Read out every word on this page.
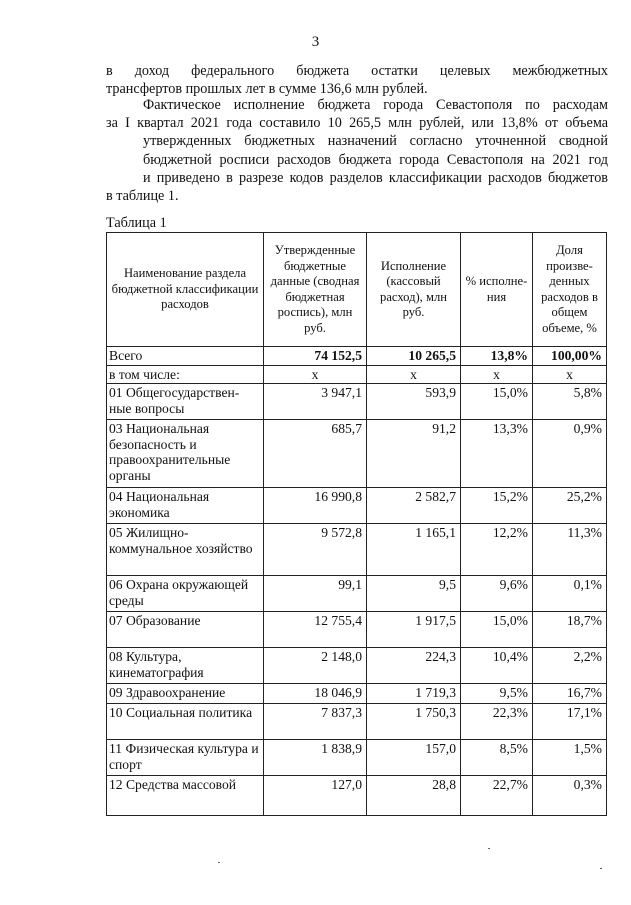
3
в доход федерального бюджета остатки целевых межбюджетных
трансфертов прошлых лет в сумме 136,6 млн рублей.
Фактическое исполнение бюджета города Севастополя по расходам
за I квартал 2021 года составило 10 265,5 млн рублей, или 13,8% от объема
утвержденных бюджетных назначений согласно уточненной сводной
бюджетной росписи расходов бюджета города Севастополя на 2021 год
и приведено в разрезе кодов разделов классификации расходов бюджетов
в таблице 1.
Таблица 1
Наименование раздела бюджетной классификации расходов	Утвержденные бюджетные данные (сводная бюджетная роспись), млн руб.	Исполнение (кассовый расход), млн руб.	% исполне-ния	Доля произве-денных расходов в общем объеме, %
Всего	74 152,5	10 265,5	13,8%	100,00%
в том числе:	х	х	х	х
01 Общегосударствен-ные вопросы	3 947,1	593,9	15,0%	5,8%
03 Национальная безопасность и правоохранительные органы	685,7	91,2	13,3%	0,9%
04 Национальная экономика	16 990,8	2 582,7	15,2%	25,2%
05 Жилищно-коммунальное хозяйство	9 572,8	1 165,1	12,2%	11,3%
06 Охрана окружающей среды	99,1	9,5	9,6%	0,1%
07 Образование	12 755,4	1 917,5	15,0%	18,7%
08 Культура, кинематография	2 148,0	224,3	10,4%	2,2%
09 Здравоохранение	18 046,9	1 719,3	9,5%	16,7%
10 Социальная политика	7 837,3	1 750,3	22,3%	17,1%
11 Физическая культура и спорт	1 838,9	157,0	8,5%	1,5%
12 Средства массовой	127,0	28,8	22,7%	0,3%
